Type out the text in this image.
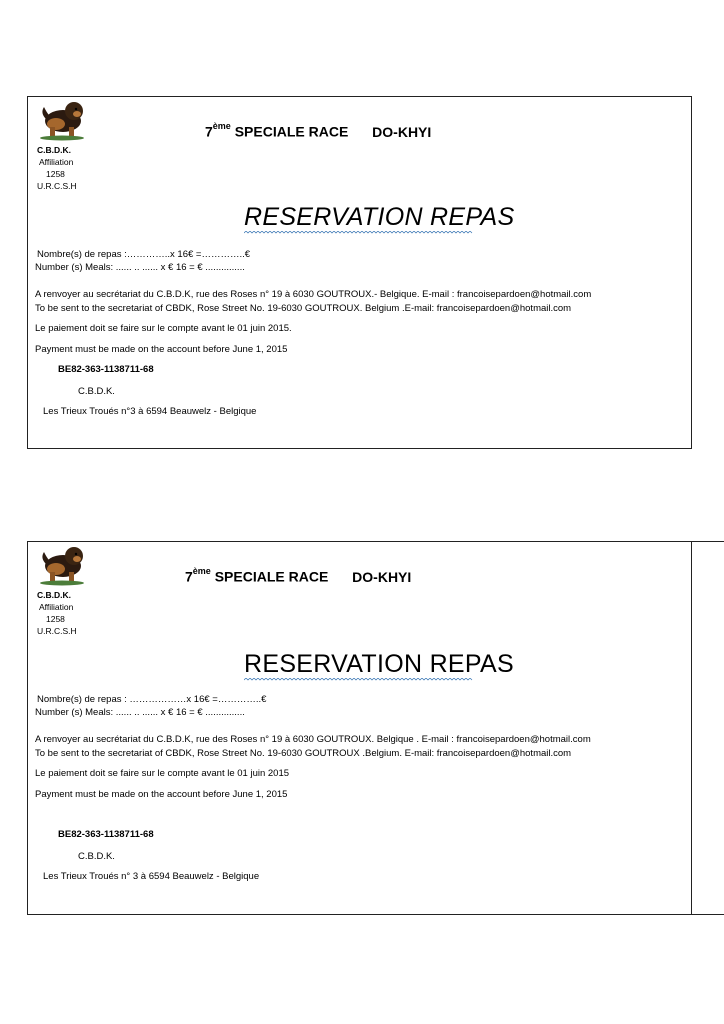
C.B.D.K.
Affiliation
1258
U.R.C.S.H
7ème SPECIALE RACE DO-KHYI
RESERVATION REPAS
Nombre(s) de repas :…………..x 16€ =…………..€
Number (s) Meals: ...... .. ...... x € 16 = € ...............
A renvoyer au secrétariat du C.B.D.K, rue des Roses n° 19 à 6030 GOUTROUX.- Belgique. E-mail : francoisepardoen@hotmail.com
To be sent to the secretariat of CBDK, Rose Street No. 19-6030 GOUTROUX. Belgium .E-mail: francoisepardoen@hotmail.com
Le paiement doit se faire sur le compte avant le 01 juin 2015.
Payment must be made on the account before June 1, 2015
BE82-363-1138711-68
C.B.D.K.
Les Trieux Troués n°3 à 6594 Beauwelz - Belgique
C.B.D.K.
Affiliation
1258
U.R.C.S.H
7ème SPECIALE RACE DO-KHYI
RESERVATION REPAS
Nombre(s) de repas : ………………x 16€ =…………..€
Number (s) Meals: ...... .. ...... x € 16 = € ...............
A renvoyer au secrétariat du C.B.D.K, rue des Roses n° 19 à 6030 GOUTROUX. Belgique . E-mail : francoisepardoen@hotmail.com
To be sent to the secretariat of CBDK, Rose Street No. 19-6030 GOUTROUX .Belgium. E-mail: francoisepardoen@hotmail.com
Le paiement doit se faire sur le compte avant le 01 juin 2015
Payment must be made on the account before June 1, 2015
BE82-363-1138711-68
C.B.D.K.
Les Trieux Troués n° 3 à 6594 Beauwelz - Belgique
